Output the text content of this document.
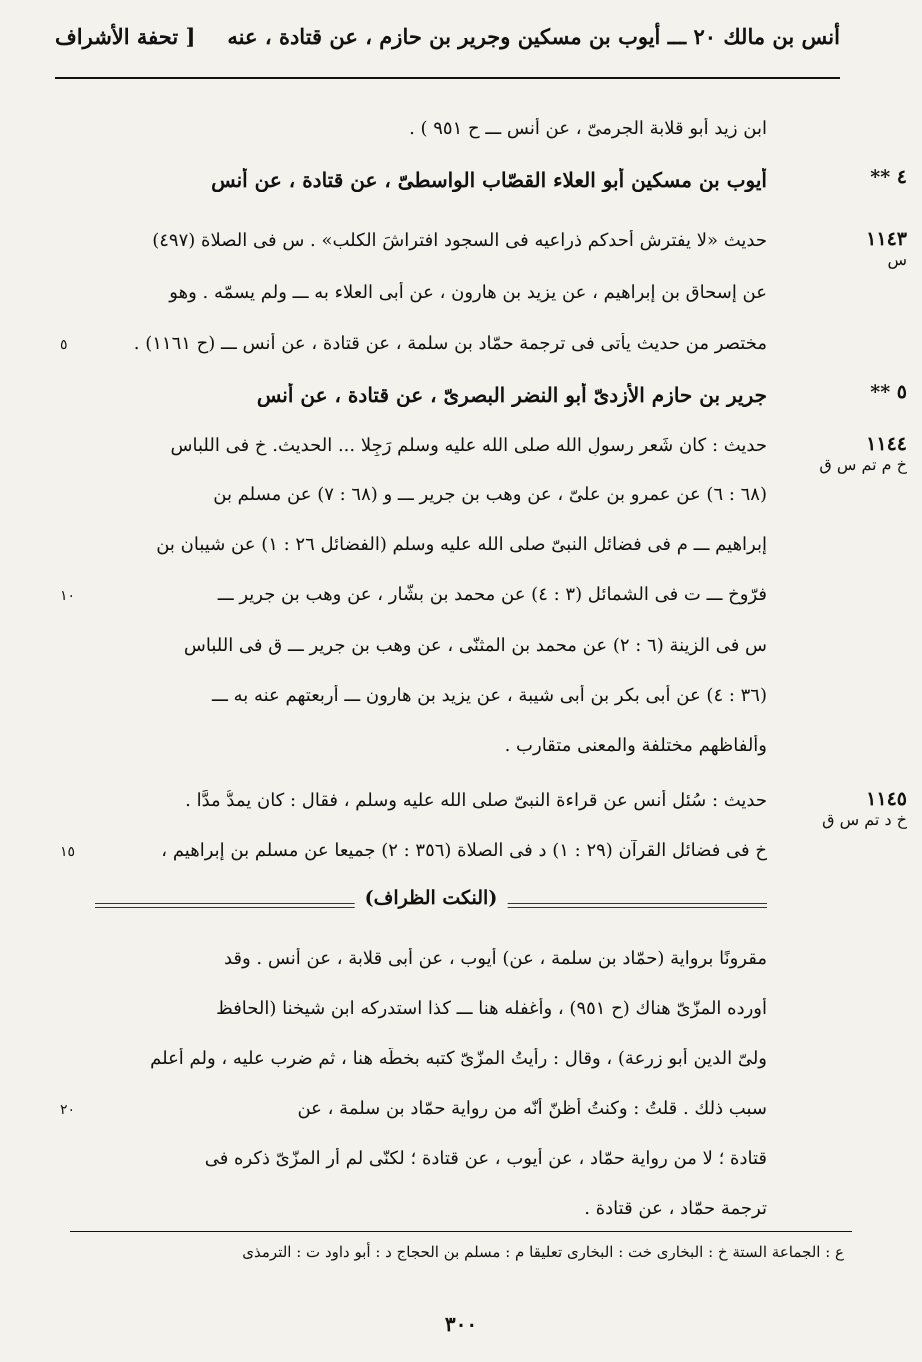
أنس بن مالك ٢٠ ـــ أيوب بن مسكين وجرير بن حازم ، عن قتادة ، عنه
[ تحفة الأشراف
ابن زيد أبو قلابة الجرمىّ ، عن أنس ـــ ح ٩٥١ ) .
أيوب بن مسكين أبو العلاء القصّاب الواسطىّ ، عن قتادة ، عن أنس	٤ **
حديث «لا يفترش أحدكم ذراعيه فى السجود افتراشَ الكلب» . س فى الصلاة (٤٩٧)	١١٤٣
س
عن إسحاق بن إبراهيم ، عن يزيد بن هارون ، عن أبى العلاء به ـــ ولم يسمّه . وهو
مختصر من حديث يأتى فى ترجمة حمّاد بن سلمة ، عن قتادة ، عن أنس ـــ (ح ١١٦١) .
٥
جرير بن حازم الأزدىّ أبو النضر البصرىّ ، عن قتادة ، عن أنس	٥ **
حديث : كان شَعر رسولِ الله صلى الله عليه وسلم رَجِلا ... الحديث. خ فى اللباس	١١٤٤
خ م تم س ق
(٦٨ : ٦) عن عمرو بن علىّ ، عن وهب بن جرير ـــ و (٦٨ : ٧) عن مسلم بن
إبراهيم ـــ م فى فضائل النبىّ صلى الله عليه وسلم (الفضائل ٢٦ : ١) عن شيبان بن
فرّوخ ـــ ت فى الشمائل (٣ : ٤) عن محمد بن بشّار ، عن وهب بن جرير ـــ
١٠
س فى الزينة (٦ : ٢) عن محمد بن المثنّى ، عن وهب بن جرير ـــ ق فى اللباس
(٣٦ : ٤) عن أبى بكر بن أبى شيبة ، عن يزيد بن هارون ـــ أربعتهم عنه به ـــ
وألفاظهم مختلفة والمعنى متقارب .
حديث : سُئل أنس عن قراءة النبىّ صلى الله عليه وسلم ، فقال : كان يمدُّ مدًّا .	١١٤٥
خ د تم س ق
خ فى فضائل القرآن (٢٩ : ١) د فى الصلاة (٣٥٦ : ٢) جميعا عن مسلم بن إبراهيم ،
١٥
مقرونًا برواية (حمّاد بن سلمة ، عن) أيوب ، عن أبى قلابة ، عن أنس . وقد
أورده المزّىّ هناك (ح ٩٥١) ، وأغفله هنا ـــ كذا استدركه ابن شيخنا (الحافظ
ولىّ الدين أبو زرعة) ، وقال : رأيتُ المزّىّ كتبه بخطّه هنا ، ثم ضرب عليه ، ولم أعلم
سبب ذلك . قلتُ : وكنتُ أظنّ أنّه من رواية حمّاد بن سلمة ، عن
٢٠
قتادة ؛ لا من رواية حمّاد ، عن أيوب ، عن قتادة ؛ لكنّى لم أر المزّىّ ذكره فى
ترجمة حمّاد ، عن قتادة .
(النكت الظراف)
ع : الجماعة الستة خ : البخارى خت : البخارى تعليقا م : مسلم بن الحجاج د : أبو داود ت : الترمذى
٣٠٠
